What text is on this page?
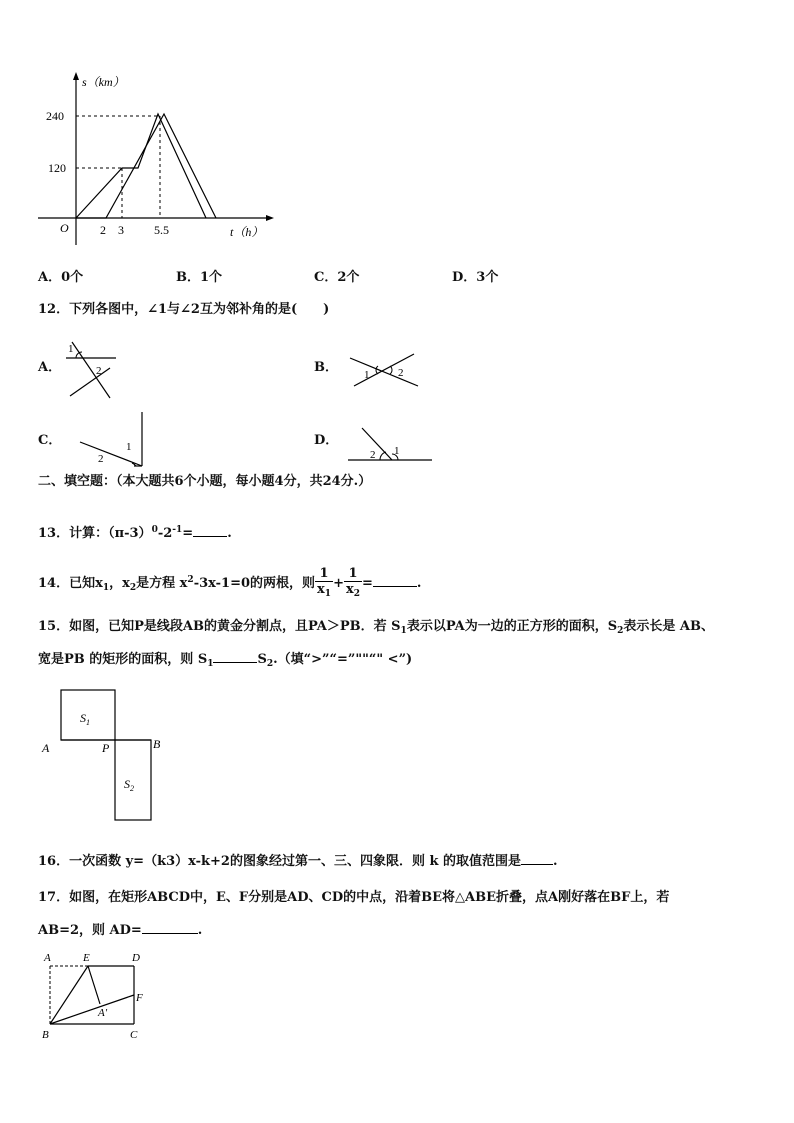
s（km）
t（h）
O
240
120
2 3	5.5
A．0个	B．1个	C．2个	D．3个
12．下列各图中，∠1与∠2互为邻补角的是(　　)
A．
1
2	B． 1	2
C．	1
2
D．
1
2
二、填空题：（本大题共6个小题，每小题4分，共24分.）
13．计算：$(\pi-3)^0-2^{-1}=$	.
14．已知$x_1$，$x_2$是方程 $x^2-3x-1=0$的两根，则 $\frac{1}{x_1} + \frac{1}{x_2}$ =	.
15．如图，已知P是线段AB的黄金分割点，且PA＞PB．若 $S_1$表示以PA为一边的正方形的面积，$S_2$表示长是 AB、
宽是PB 的矩形的面积，则 $S_1$	$S_2$.（填“>”“=”""“" <”)
$S_1$
$S_2$
A	P	B
16．一次函数 y=（k3）x-k+2的图象经过第一、三、四象限．则 k 的取值范围是 .
17．如图，在矩形ABCD中，E、F分别是AD、CD的中点，沿着BE将△ABE折叠，点A刚好落在BF上，若
AB=2，则 AD=	.
A	E	D
F
A′
B	C
